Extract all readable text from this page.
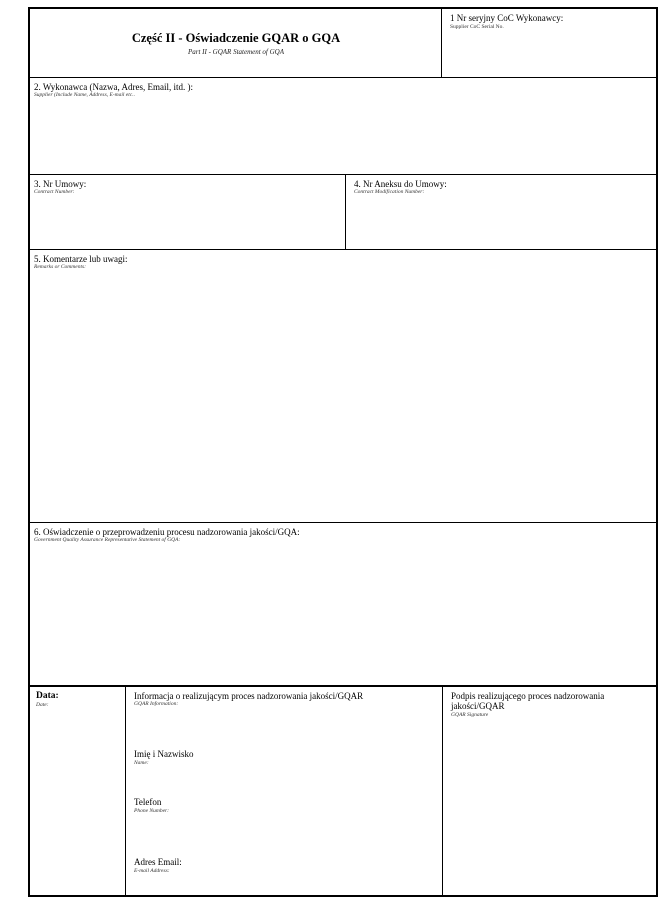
Część II - Oświadczenie GQAR o GQA
Part II - GQAR Statement of GQA
1 Nr seryjny CoC Wykonawcy:
Supplier CoC Serial No.
2. Wykonawca (Nazwa, Adres, Email, itd. ):
Supplier (Include Name, Address, E-mail etc..
3. Nr Umowy:
Contract Number:
4. Nr Aneksu do Umowy:
Contract Modification Number:
5. Komentarze lub uwagi:
Remarks or Comments:
6. Oświadczenie o przeprowadzeniu procesu nadzorowania jakości/GQA:
Government Quality Assurance Representative Statement of GQA:
Data:
Date:
Informacja o realizującym proces nadzorowania jakości/GQAR
GQAR Information:
Imię i Nazwisko
Name:
Telefon
Phone Number:
Adres Email:
E-mail Address:
Podpis realizującego proces nadzorowania jakości/GQAR
GQAR Signature
